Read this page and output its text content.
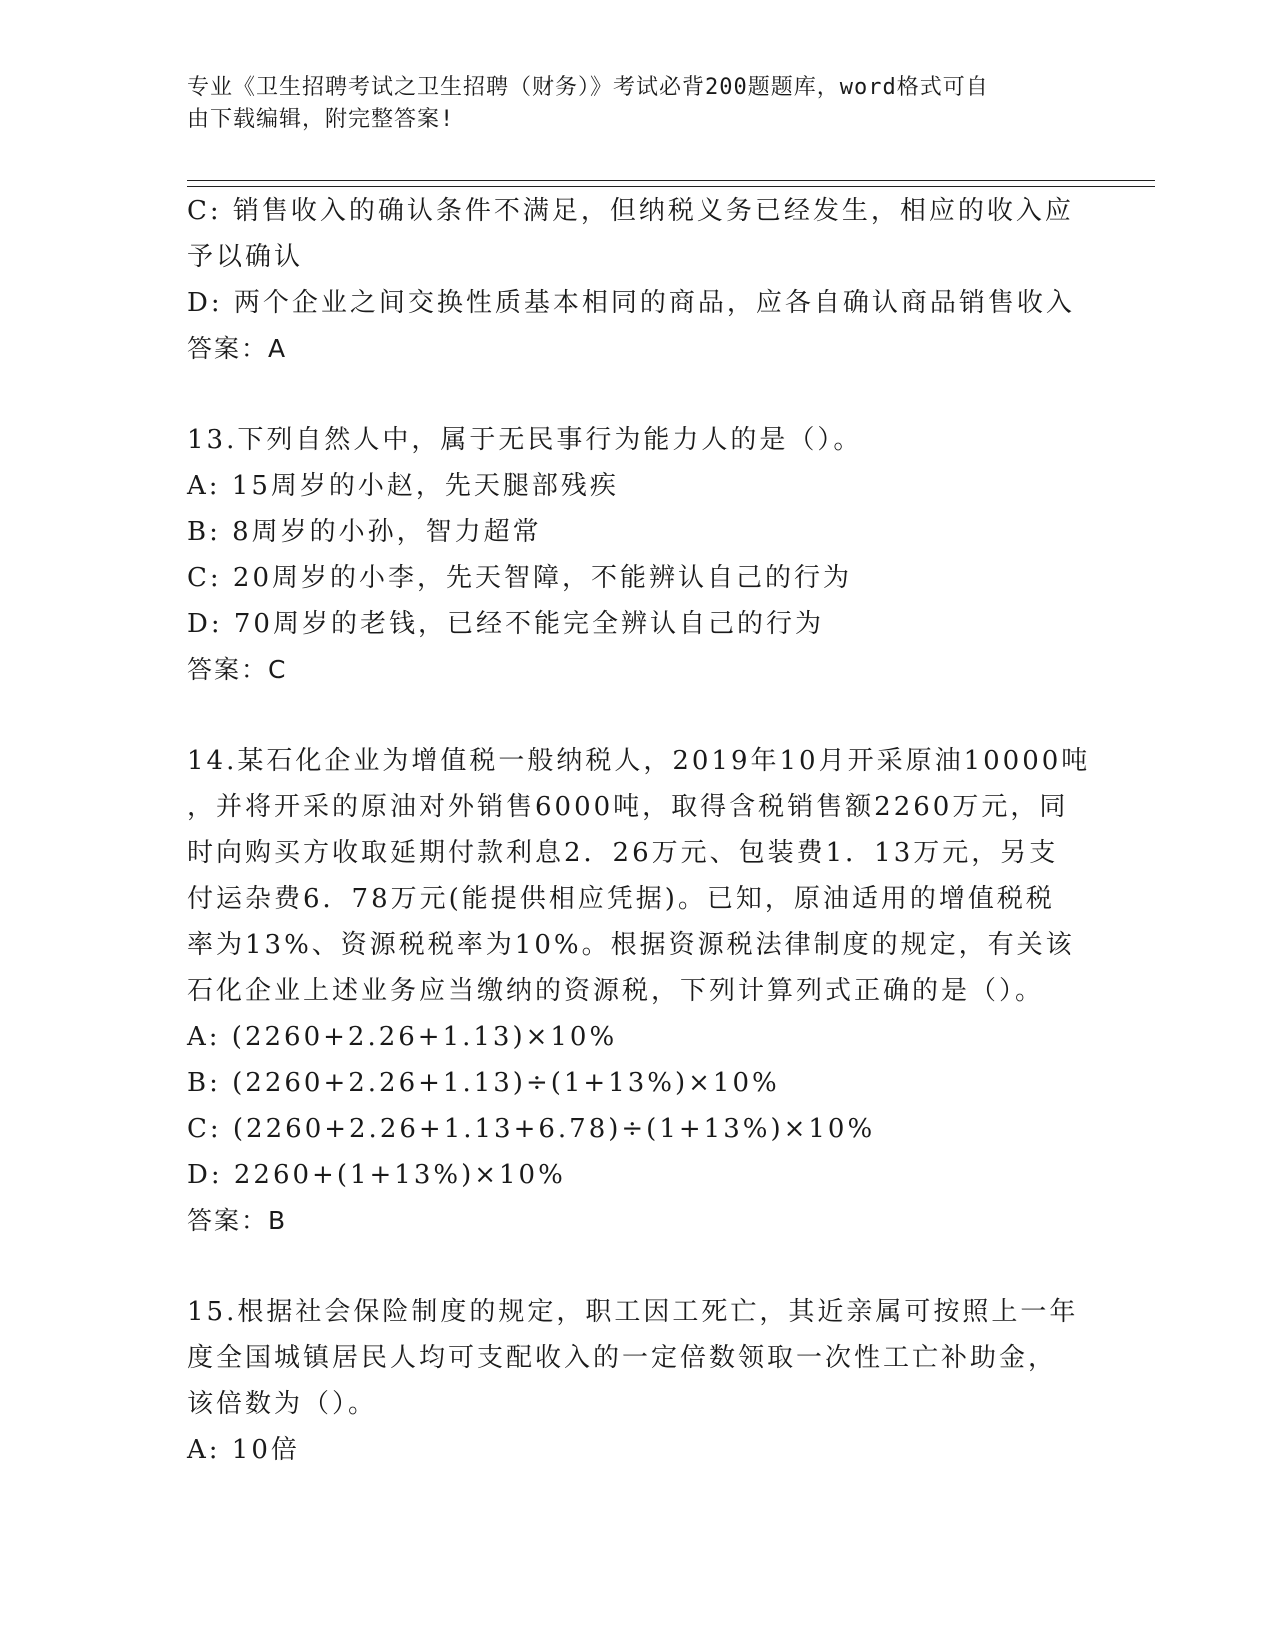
专业《卫生招聘考试之卫生招聘（财务）》考试必背200题题库，word格式可自
由下载编辑，附完整答案!
C: 销售收入的确认条件不满足，但纳税义务已经发生，相应的收入应
予以确认
D: 两个企业之间交换性质基本相同的商品，应各自确认商品销售收入
答案：A
13.下列自然人中，属于无民事行为能力人的是（）。
A: 15周岁的小赵，先天腿部残疾
B: 8周岁的小孙，智力超常
C: 20周岁的小李，先天智障，不能辨认自己的行为
D: 70周岁的老钱，已经不能完全辨认自己的行为
答案：C
14.某石化企业为增值税一般纳税人，2019年10月开采原油10000吨
，并将开采的原油对外销售6000吨，取得含税销售额2260万元，同
时向购买方收取延期付款利息2．26万元、包装费1．13万元，另支
付运杂费6．78万元(能提供相应凭据)。已知，原油适用的增值税税
率为13%、资源税税率为10%。根据资源税法律制度的规定，有关该
石化企业上述业务应当缴纳的资源税，下列计算列式正确的是（）。
A: (2260+2.26+1.13)×10%
B: (2260+2.26+1.13)÷(1+13%)×10%
C: (2260+2.26+1.13+6.78)÷(1+13%)×10%
D: 2260+(1+13%)×10%
答案：B
15.根据社会保险制度的规定，职工因工死亡，其近亲属可按照上一年
度全国城镇居民人均可支配收入的一定倍数领取一次性工亡补助金，
该倍数为（）。
A: 10倍
